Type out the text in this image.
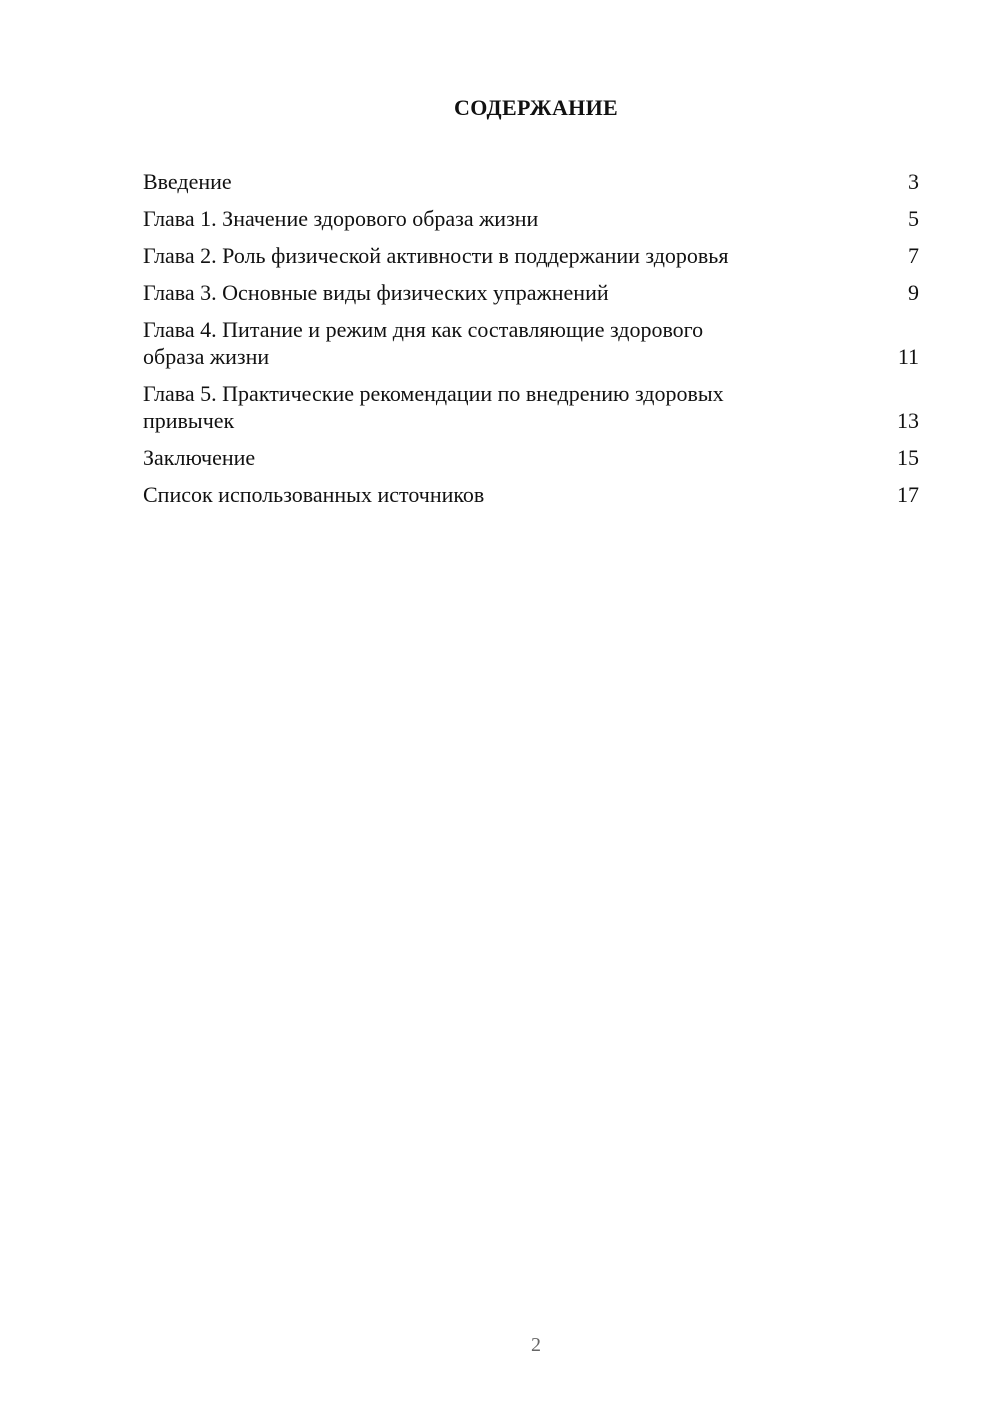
СОДЕРЖАНИЕ
Введение	3
Глава 1. Значение здорового образа жизни	5
Глава 2. Роль физической активности в поддержании здоровья	7
Глава 3. Основные виды физических упражнений	9
Глава 4. Питание и режим дня как составляющие здорового
образа жизни	11
Глава 5. Практические рекомендации по внедрению здоровых
привычек	13
Заключение	15
Список использованных источников	17
2
